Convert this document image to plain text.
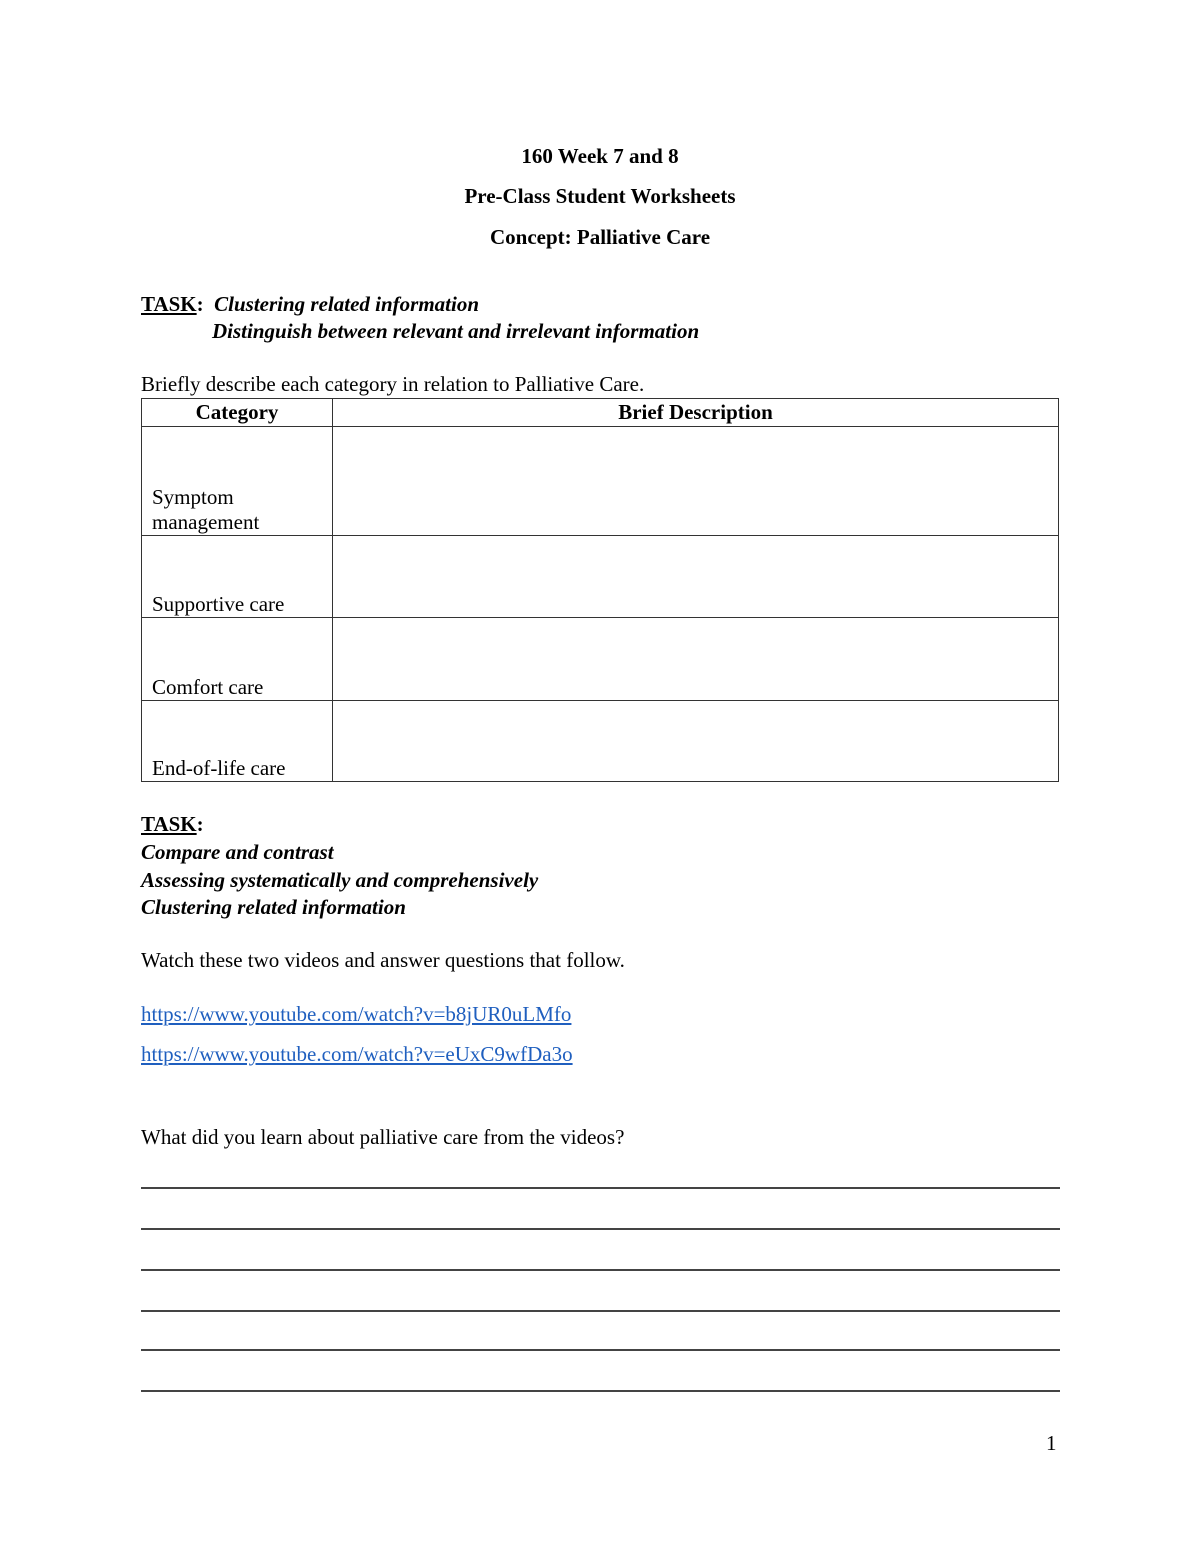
160 Week 7 and 8
Pre-Class Student Worksheets
Concept: Palliative Care
TASK: Clustering related information
Distinguish between relevant and irrelevant information
Briefly describe each category in relation to Palliative Care.
Category	Brief Description
Symptom management	
Supportive care	
Comfort care	
End-of-life care	
TASK:
Compare and contrast
Assessing systematically and comprehensively
Clustering related information
Watch these two videos and answer questions that follow.
https://www.youtube.com/watch?v=b8jUR0uLMfo
https://www.youtube.com/watch?v=eUxC9wfDa3o
What did you learn about palliative care from the videos?
1
